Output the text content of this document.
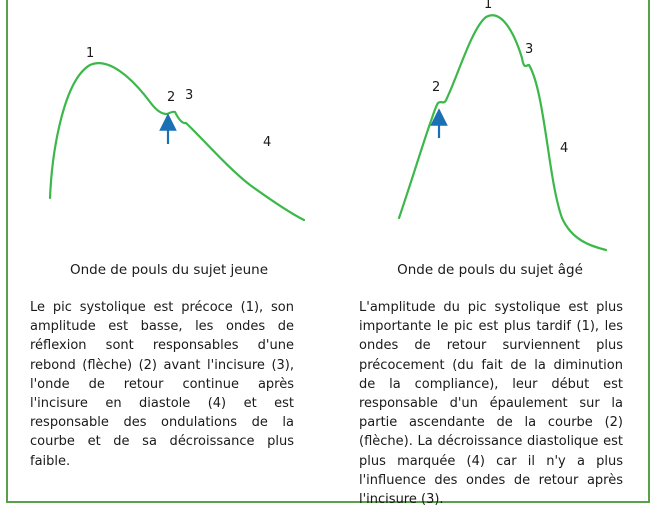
1
2 3
4
1
2
3
4
Onde de pouls du sujet jeune	Onde de pouls du sujet âgé

Le pic systolique est précoce (1), son amplitude est basse, les ondes de réflexion sont responsables d'une rebond (flèche) (2) avant l'incisure (3), l'onde de retour continue après l'incisure en diastole (4) et est responsable des ondulations de la courbe et de sa décroissance plus faible.

L'amplitude du pic systolique est plus importante le pic est plus tardif (1), les ondes de retour surviennent plus précocement (du fait de la diminution de la compliance), leur début est responsable d'un épaulement sur la partie ascendante de la courbe (2) (flèche). La décroissance diastolique est plus marquée (4) car il n'y a plus l'influence des ondes de retour après l'incisure (3).
